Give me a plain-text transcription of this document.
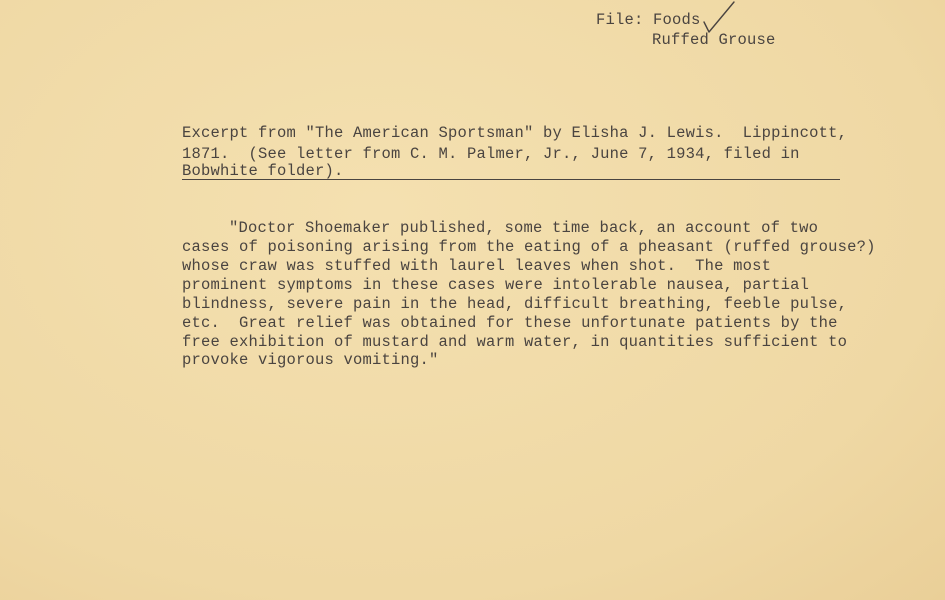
File: Foods
Ruffed Grouse
Excerpt from "The American Sportsman" by Elisha J. Lewis.  Lippincott,
1871.  (See letter from C. M. Palmer, Jr., June 7, 1934, filed in
Bobwhite folder).
"Doctor Shoemaker published, some time back, an account of two
cases of poisoning arising from the eating of a pheasant (ruffed grouse?)
whose craw was stuffed with laurel leaves when shot.  The most
prominent symptoms in these cases were intolerable nausea, partial
blindness, severe pain in the head, difficult breathing, feeble pulse,
etc.  Great relief was obtained for these unfortunate patients by the
free exhibition of mustard and warm water, in quantities sufficient to
provoke vigorous vomiting."
